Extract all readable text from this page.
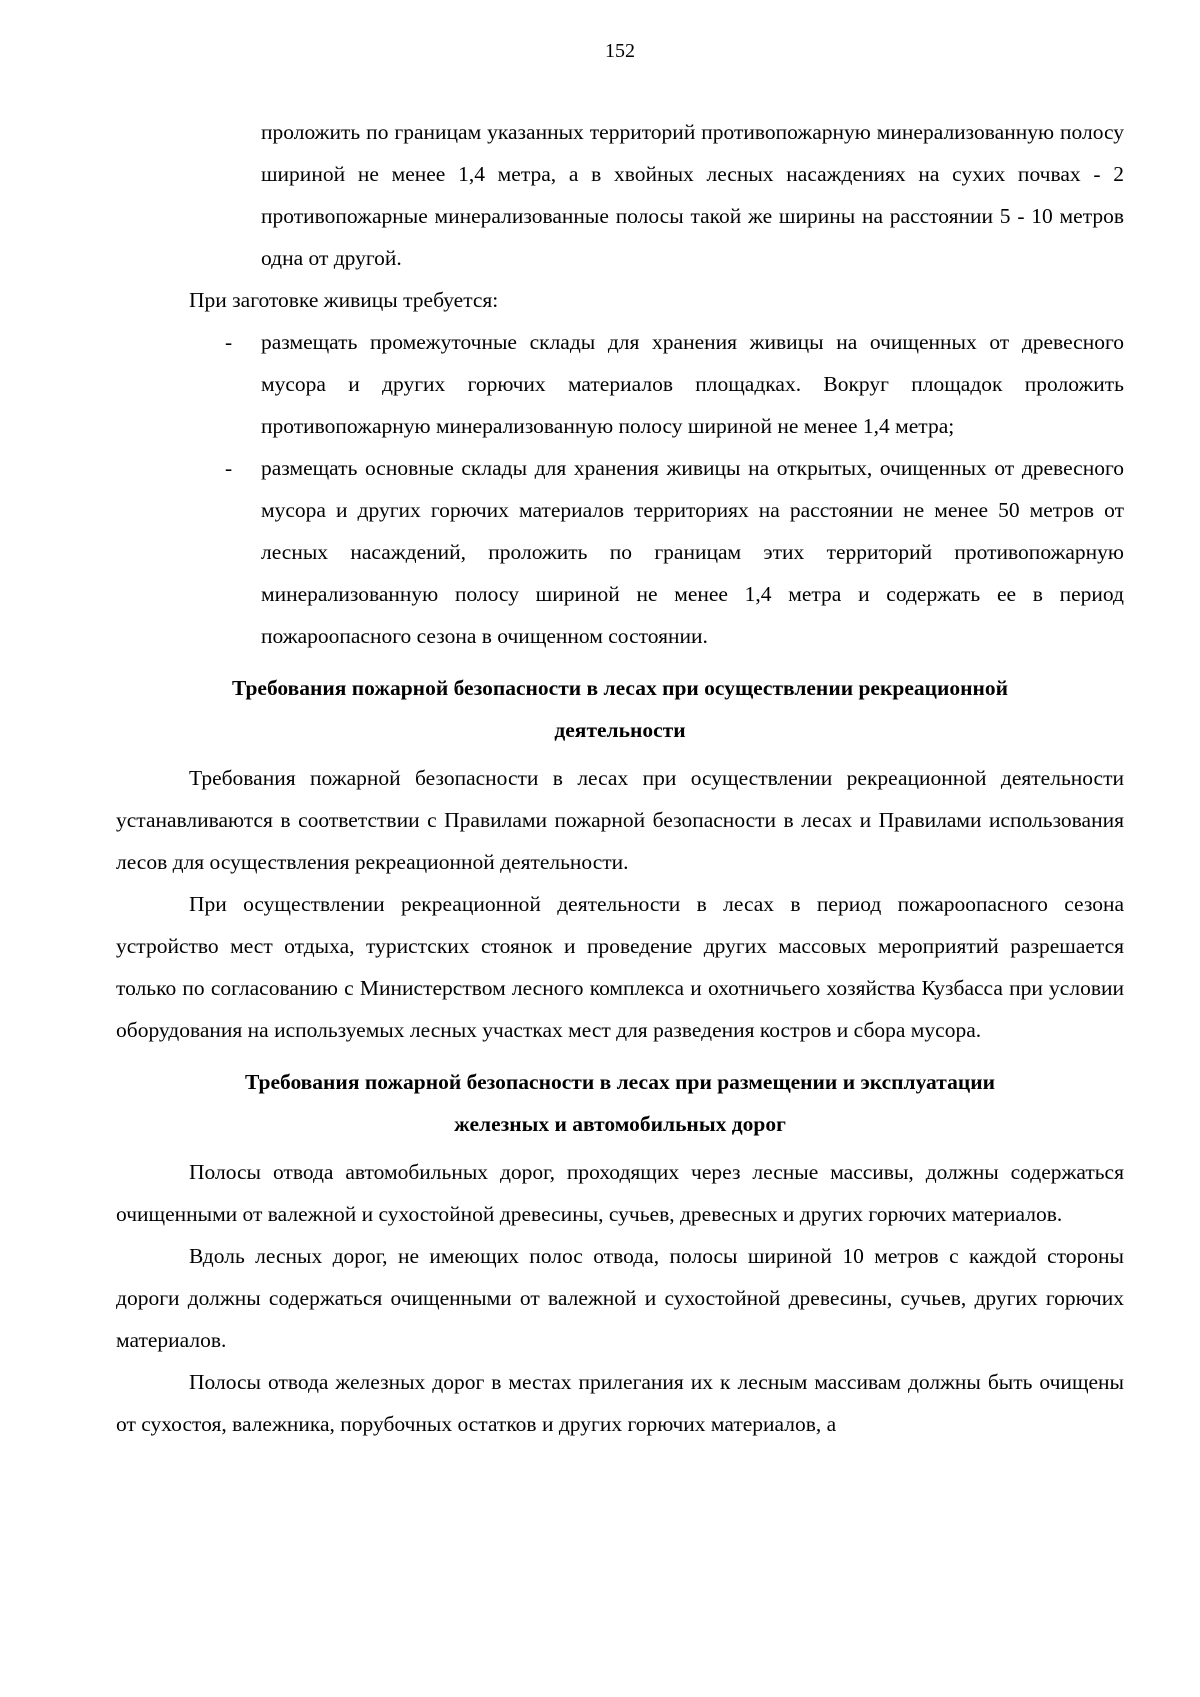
152

проложить по границам указанных территорий противопожарную минерализованную полосу шириной не менее 1,4 метра, а в хвойных лесных насаждениях на сухих почвах - 2 противопожарные минерализованные полосы такой же ширины на расстоянии 5 - 10 метров одна от другой.

При заготовке живицы требуется:

- размещать промежуточные склады для хранения живицы на очищенных от древесного мусора и других горючих материалов площадках. Вокруг площадок проложить противопожарную минерализованную полосу шириной не менее 1,4 метра;
- размещать основные склады для хранения живицы на открытых, очищенных от древесного мусора и других горючих материалов территориях на расстоянии не менее 50 метров от лесных насаждений, проложить по границам этих территорий противопожарную минерализованную полосу шириной не менее 1,4 метра и содержать ее в период пожароопасного сезона в очищенном состоянии.
Требования пожарной безопасности в лесах при осуществлении рекреационной
деятельности

Требования пожарной безопасности в лесах при осуществлении рекреационной деятельности устанавливаются в соответствии с Правилами пожарной безопасности в лесах и Правилами использования лесов для осуществления рекреационной деятельности.

При осуществлении рекреационной деятельности в лесах в период пожароопасного сезона устройство мест отдыха, туристских стоянок и проведение других массовых мероприятий разрешается только по согласованию с Министерством лесного комплекса и охотничьего хозяйства Кузбасса при условии оборудования на используемых лесных участках мест для разведения костров и сбора мусора.

Требования пожарной безопасности в лесах при размещении и эксплуатации
железных и автомобильных дорог

Полосы отвода автомобильных дорог, проходящих через лесные массивы, должны содержаться очищенными от валежной и сухостойной древесины, сучьев, древесных и других горючих материалов.

Вдоль лесных дорог, не имеющих полос отвода, полосы шириной 10 метров с каждой стороны дороги должны содержаться очищенными от валежной и сухостойной древесины, сучьев, других горючих материалов.

Полосы отвода железных дорог в местах прилегания их к лесным массивам должны быть очищены от сухостоя, валежника, порубочных остатков и других горючих материалов, а
